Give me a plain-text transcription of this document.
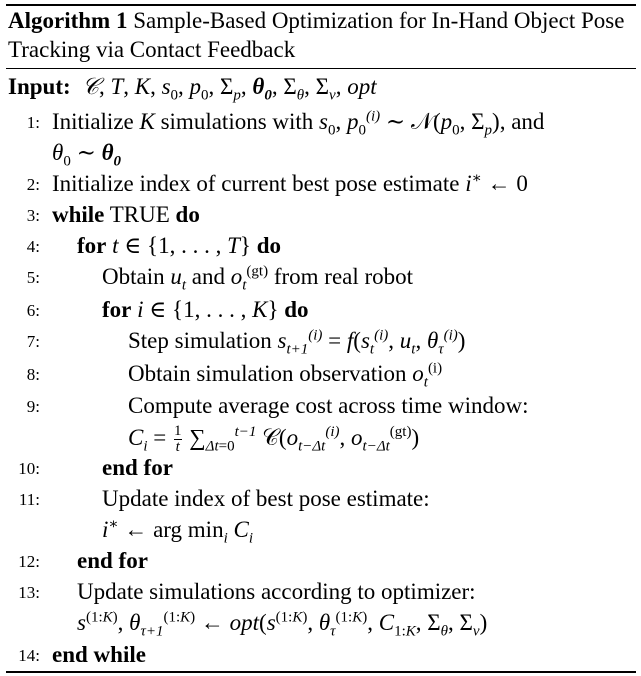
Algorithm 1 Sample-Based Optimization for In-Hand Object Pose Tracking via Contact Feedback
Input: 𝒞, T, K, $s_0$, $p_0$, $\Sigma_p$, $\theta_0$, $\Sigma_\theta$, $\Sigma_v$, opt
1: Initialize K simulations with $s_0$, $p_0^{(i)}$ ∼ $𝒩(p_0$, $\Sigma_p$), and
$\theta_0$ ∼ $\theta_0$
2: Initialize index of current best pose estimate i∗ ← 0
3: while TRUE do
4: for t ∈ {1, . . . , T} do
5:	Obtain $u_t$ and $o_t^{(gt)}$ from real robot
6:	for i ∈ {1, . . . , K} do
7:	Step simulation $s_{t+1}^{(i)} = f(s_t^{(i)}$, $u_t$, $\theta_\tau^{(i)}$)
8:	Obtain simulation observation $o_t^{(i)}$
9:	Compute average cost across time window:
$C_i = \frac{1}{t} \sum_{\Delta t=0}^{t-1}$ $𝒞(o_{t-\Delta t}^{(i)}$, $o_{t-\Delta t}^{(gt)}$)
10:	end for
11:	Update index of best pose estimate:
i∗ ← arg $\min_i C_i$
12: end for
13: Update simulations according to optimizer:
$s^{(1:K)}$, $\theta_{\tau+1}^{(1:K)}$ ← $opt(s^{(1:K)}$, $\theta_\tau^{(1:K)}$, $C_{1:K}$, $\Sigma_\theta$, $\Sigma_v$)
14: end while
